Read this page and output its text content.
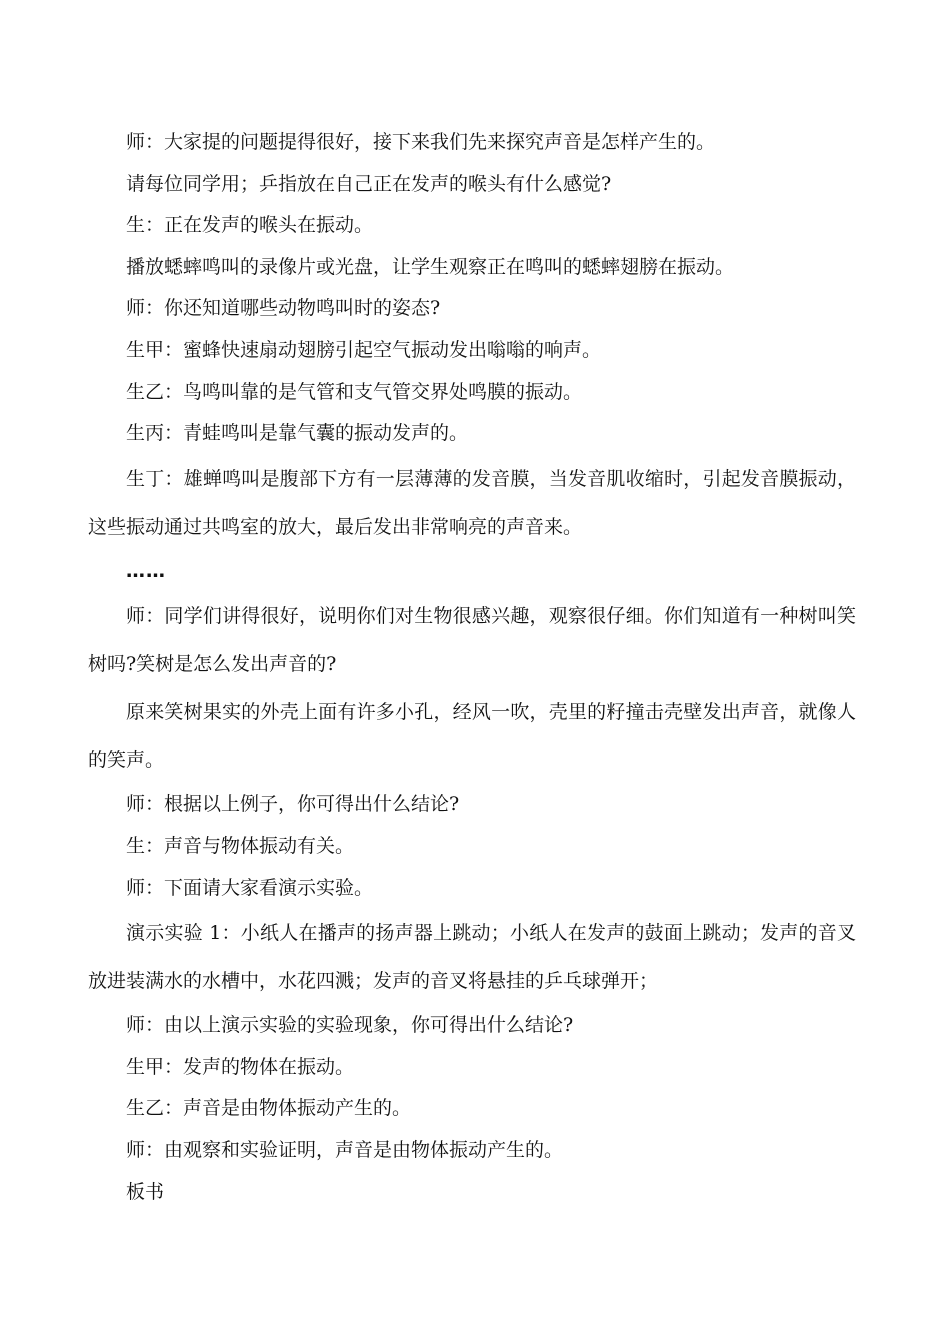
师：大家提的问题提得很好，接下来我们先来探究声音是怎样产生的。

请每位同学用；乒指放在自己正在发声的喉头有什么感觉?

生：正在发声的喉头在振动。

播放蟋蟀鸣叫的录像片或光盘，让学生观察正在鸣叫的蟋蟀翅膀在振动。

师：你还知道哪些动物鸣叫时的姿态?

生甲：蜜蜂快速扇动翅膀引起空气振动发出嗡嗡的响声。

生乙：鸟鸣叫靠的是气管和支气管交界处鸣膜的振动。

生丙：青蛙鸣叫是靠气囊的振动发声的。

生丁：雄蝉鸣叫是腹部下方有一层薄薄的发音膜，当发音肌收缩时，引起发音膜振动，这些振动通过共鸣室的放大，最后发出非常响亮的声音来。

……

师：同学们讲得很好，说明你们对生物很感兴趣，观察很仔细。你们知道有一种树叫笑树吗?笑树是怎么发出声音的?

原来笑树果实的外壳上面有许多小孔，经风一吹，壳里的籽撞击壳壁发出声音，就像人的笑声。

师：根据以上例子，你可得出什么结论?

生：声音与物体振动有关。

师：下面请大家看演示实验。

演示实验 1：小纸人在播声的扬声器上跳动；小纸人在发声的鼓面上跳动；发声的音叉放进装满水的水槽中，水花四溅；发声的音叉将悬挂的乒乓球弹开；

师：由以上演示实验的实验现象，你可得出什么结论?

生甲：发声的物体在振动。

生乙：声音是由物体振动产生的。

师：由观察和实验证明，声音是由物体振动产生的。

板书
